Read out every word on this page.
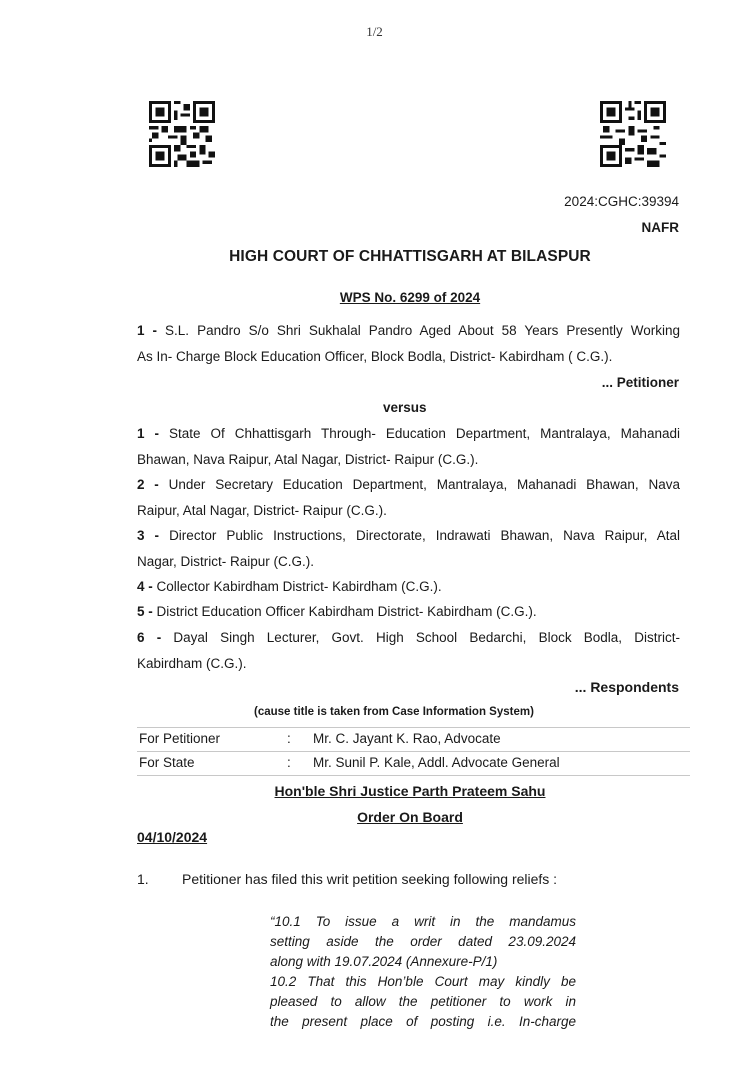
1/2
2024:CGHC:39394
NAFR
HIGH COURT OF CHHATTISGARH AT BILASPUR
WPS No. 6299 of 2024
1 - S.L. Pandro S/o Shri Sukhalal Pandro Aged About 58 Years Presently Working
As In- Charge Block Education Officer, Block Bodla, District- Kabirdham ( C.G.).
... Petitioner
versus
1 - State Of Chhattisgarh Through- Education Department, Mantralaya, Mahanadi
Bhawan, Nava Raipur, Atal Nagar, District- Raipur (C.G.).
2 - Under Secretary Education Department, Mantralaya, Mahanadi Bhawan, Nava
Raipur, Atal Nagar, District- Raipur (C.G.).
3 - Director Public Instructions, Directorate, Indrawati Bhawan, Nava Raipur, Atal
Nagar, District- Raipur (C.G.).
4 - Collector Kabirdham District- Kabirdham (C.G.).
5 - District Education Officer Kabirdham District- Kabirdham (C.G.).
6 - Dayal Singh Lecturer, Govt. High School Bedarchi, Block Bodla, District-
Kabirdham (C.G.).
... Respondents
(cause title is taken from Case Information System)
For Petitioner	: Mr. C. Jayant K. Rao, Advocate
For State	: Mr. Sunil P. Kale, Addl. Advocate General
Hon'ble Shri Justice Parth Prateem Sahu
Order On Board
04/10/2024
1. Petitioner has filed this writ petition seeking following reliefs :
“10.1 To issue a writ in the mandamus
setting aside the order dated 23.09.2024
along with 19.07.2024 (Annexure-P/1)
10.2 That this Hon’ble Court may kindly be
pleased to allow the petitioner to work in
the present place of posting i.e. In-charge
